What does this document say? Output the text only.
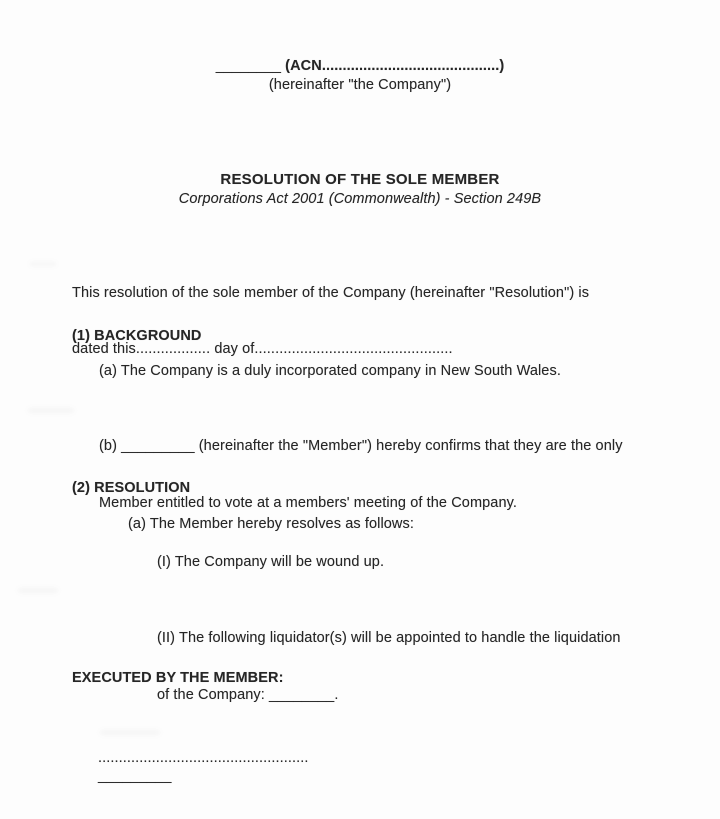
________ (ACN...........................................)
(hereinafter "the Company")
RESOLUTION OF THE SOLE MEMBER
Corporations Act 2001 (Commonwealth) - Section 249B

This resolution of the sole member of the Company (hereinafter "Resolution") is

dated this.................. day of................................................

(1) BACKGROUND
(a) The Company is a duly incorporated company in New South Wales.

(b) _________ (hereinafter the "Member") hereby confirms that they are the only

Member entitled to vote at a members' meeting of the Company.

(2) RESOLUTION
(a) The Member hereby resolves as follows:
(I) The Company will be wound up.

(II) The following liquidator(s) will be appointed to handle the liquidation

of the Company: ________.

EXECUTED BY THE MEMBER:
...................................................
_________
